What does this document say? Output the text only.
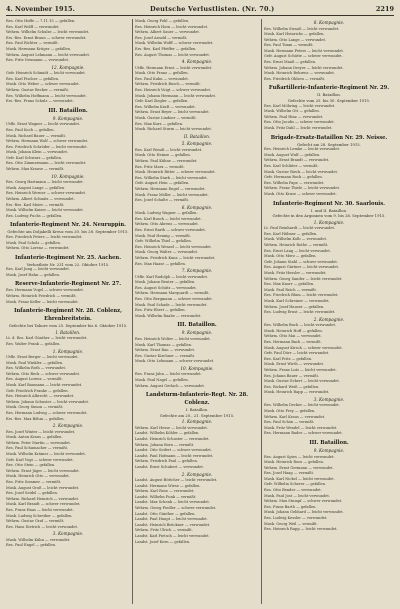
4. November 1915.	Deutsche Verlustlisten. (Nr. 70.)	2219
Res. Otto Hoffe — 7.11.15 — gefallen.
Res. Karl Wolff — verwundet.
Wehrm. Wilhelm Schulze — leicht verwundet.
Ers.-Res. Ernst Braun — schwer verwundet.
Res. Paul Richter — vermißt.
Musk. Hermann Krüger — gefallen.
Wehrm. August Lehmann — leicht verwundet.
Res. Fritz Neumann — verwundet.
12. Kompagnie.
Gefr. Heinrich Schmidt — leicht verwundet.
Res. Karl Fischer — gefallen.
Musk. Otto Weber — schwer verwundet.
Wehrm. Gustav Becker — vermißt.
Res. Wilhelm Hoffmann — leicht verwundet.
Ers.-Res. Franz Schulz — verwundet.
III. Bataillon.
9. Kompagnie.
Utffz. Ernst Wagner — leicht verwundet.
Res. Paul Koch — gefallen.
Musk. Richard Bauer — vermißt.
Wehrm. Hermann Wolf — schwer verwundet.
Res. Friedrich Schröder — leicht verwundet.
Musk. Johann Klein — verwundet.
Gefr. Karl Schwarz — gefallen.
Res. Otto Zimmermann — leicht verwundet.
Wehrm. Max Krause — vermißt.
10. Kompagnie.
Res. Georg Hartmann — leicht verwundet.
Musk. August Lange — gefallen.
Res. Heinrich Werner — schwer verwundet.
Wehrm. Albert Schmitz — verwundet.
Ers.-Res. Karl Meier — vermißt.
Musk. Wilhelm Kaiser — leicht verwundet.
Res. Ludwig Fuchs — gefallen.
Infanterie-Regiment Nr. 24. Neuruppin.
Gefechte am Doljakelli Kreuz vom 20. bis 28. September 1915.
Res. Friedrich Peters — leicht verwundet.
Musk. Paul Scholz — gefallen.
Wehrm. Otto Lorenz — verwundet.
Infanterie-Regiment Nr. 25. Aachen.
Verlustliste Nr. 231 vom 22. Oktober 1915.
Res. Karl Jung — leicht verwundet.
Musk. Josef Hahn — gefallen.
Reserve-Infanterie-Regiment Nr. 27.
Res. Hermann Vogel — schwer verwundet.
Wehrm. Heinrich Friedrich — vermißt.
Musk. Franz Keller — leicht verwundet.
Infanterie-Regiment Nr. 28. Coblenz, Ehrenbreitstein.
Gefechte bei Tahure vom 25. September bis 6. Oktober 1915.
I. Bataillon.
Lt. d. Res. Karl Günther — leicht verwundet.
Res. Walter Frank — gefallen.
1. Kompagnie.
Utffz. Ernst Berger — leicht verwundet.
Musk. Paul Winkler — gefallen.
Res. Wilhelm Roth — verwundet.
Wehrm. Otto Beck — schwer verwundet.
Res. August Lorenz — vermißt.
Musk. Karl Baumann — leicht verwundet.
Gefr. Friedrich Franke — gefallen.
Res. Heinrich Albrecht — verwundet.
Wehrm. Johann Schuster — leicht verwundet.
Musk. Georg Simon — vermißt.
Res. Hermann Ludwig — schwer verwundet.
Ers.-Res. Max Böhm — gefallen.
2. Kompagnie.
Res. Josef Winter — leicht verwundet.
Musk. Anton Kraus — gefallen.
Wehrm. Peter Martin — verwundet.
Res. Paul Schumacher — vermißt.
Musk. Wilhelm Krämer — leicht verwundet.
Gefr. Karl Vogt — schwer verwundet.
Res. Otto Stein — gefallen.
Wehrm. Ernst Jäger — leicht verwundet.
Musk. Heinrich Otto — verwundet.
Res. Fritz Sommer — vermißt.
Musk. August Groß — leicht verwundet.
Res. Josef Seidel — gefallen.
Wehrm. Richard Heinrich — verwundet.
Musk. Karl Brandt — schwer verwundet.
Res. Franz Haas — leicht verwundet.
Musk. Ludwig Schreiber — gefallen.
Wehrm. Gustav Graf — vermißt.
Res. Hans Dietrich — leicht verwundet.
3. Kompagnie.
Musk. Wilhelm Kühn — verwundet.
Res. Paul Engel — gefallen.
Musk. Georg Pohl — gefallen.
Res. Heinrich Horn — leicht verwundet.
Wehrm. Albert Sauer — verwundet.
Res. Josef Arnold — vermißt.
Musk. Wilhelm Wolff — schwer verwundet.
Ers.-Res. Karl Pfeiffer — gefallen.
Res. August Thomas — leicht verwundet.
4. Kompagnie.
Utffz. Hermann Ernst — leicht verwundet.
Musk. Otto Franz — gefallen.
Res. Paul Kuhn — verwundet.
Wehrm. Friedrich Busch — vermißt.
Res. Heinrich Voigt — schwer verwundet.
Musk. Johann Hermann — leicht verwundet.
Gefr. Karl Ziegler — gefallen.
Res. Wilhelm Kraft — verwundet.
Wehrm. Ernst Beyer — leicht verwundet.
Musk. Gustav Lindner — vermißt.
Res. Max Kurz — gefallen.
Musk. Richard Sturm — leicht verwundet.
II. Bataillon.
5. Kompagnie.
Res. Karl Wendt — leicht verwundet.
Musk. Otto Heinze — gefallen.
Wehrm. Paul Kühne — verwundet.
Res. Fritz Marx — vermißt.
Musk. Heinrich Ritter — schwer verwundet.
Res. Wilhelm Stark — leicht verwundet.
Gefr. August Hein — gefallen.
Wehrm. Hermann Engel — verwundet.
Musk. Franz Möller — leicht verwundet.
Res. Josef Schulte — vermißt.
6. Kompagnie.
Musk. Ludwig Wagner — gefallen.
Res. Karl Busch — leicht verwundet.
Wehrm. Otto Ahrens — verwundet.
Res. Ernst Barth — schwer verwundet.
Musk. Paul Hennig — vermißt.
Gefr. Wilhelm Thiel — gefallen.
Res. Heinrich Wenzel — leicht verwundet.
Musk. Georg Walter — verwundet.
Wehrm. Friedrich Kunz — leicht verwundet.
Res. Max Haase — gefallen.
7. Kompagnie.
Utffz. Karl Rudolph — leicht verwundet.
Musk. Johann Reuter — gefallen.
Res. August Schütz — verwundet.
Wehrm. Hermann Marquardt — vermißt.
Res. Otto Bergmann — schwer verwundet.
Musk. Paul Schade — leicht verwundet.
Res. Fritz Ebert — gefallen.
Musk. Wilhelm Raabe — verwundet.
III. Bataillon.
9. Kompagnie.
Res. Heinrich Wolter — leicht verwundet.
Musk. Karl Thomas — gefallen.
Wehrm. Ernst Rau — verwundet.
Res. Gustav Kirchner — vermißt.
Musk. Otto Lehmann — schwer verwundet.
10. Kompagnie.
Res. Franz Jahn — leicht verwundet.
Musk. Paul Nagel — gefallen.
Wehrm. August Gerlach — verwundet.
Landsturm-Infanterie-Regt. Nr. 28. Coblenz.
I. Bataillon.
Gefechte am 20., 21. September 1915.
1. Kompagnie.
Wehrm. Karl Hesse — leicht verwundet.
Landst. Wilhelm Köhler — gefallen.
Landst. Heinrich Schuster — verwundet.
Wehrm. Johann Born — vermißt.
Landst. Otto Seifert — schwer verwundet.
Landst. Paul Hofmann — leicht verwundet.
Wehrm. Friedrich Paul — gefallen.
Landst. Ernst Schubert — verwundet.
2. Kompagnie.
Landst. August Böttcher — leicht verwundet.
Landst. Hermann Wiese — gefallen.
Wehrm. Karl Rose — verwundet.
Landst. Wilhelm Funk — vermißt.
Landst. Max Schenk — leicht verwundet.
Wehrm. Georg Fiedler — schwer verwundet.
Landst. Otto Günther — gefallen.
Landst. Paul Haupt — leicht verwundet.
Landst. Heinrich Brückner — verwundet.
Wehrm. Fritz Ulrich — vermißt.
Landst. Karl Pietsch — leicht verwundet.
Landst. Josef Kern — gefallen.
8. Kompagnie.
Res. Wilhelm Strauß — leicht verwundet.
Musk. Karl Heinrichs — gefallen.
Wehrm. Otto Lange — verwundet.
Res. Paul Timm — vermißt.
Musk. Hermann Peters — leicht verwundet.
Gefr. August Schütte — schwer verwundet.
Res. Ernst Maaß — gefallen.
Wehrm. Johann Dreyer — leicht verwundet.
Musk. Heinrich Behrens — verwundet.
Res. Friedrich Ohlsen — vermißt.
Fußartillerie-Infanterie-Regiment Nr. 29.
II. Bataillon.
Gefechte vom 25. bis 30. September 1915.
Res. Karl Möhring — leicht verwundet.
Musk. Wilhelm Ott — gefallen.
Wehrm. Paul Hinz — verwundet.
Res. Otto Jacobs — schwer verwundet.
Musk. Fritz Dahl — leicht verwundet.
Brigade-Ersatz-Bataillon Nr. 29. Neisse.
Gefecht am 28. September 1915.
Res. Heinrich Lemke — leicht verwundet.
Musk. August Wulf — gefallen.
Wehrm. Ernst Brandt — verwundet.
Res. Karl Schlüter — vermißt.
Musk. Gustav Rieck — leicht verwundet.
Gefr. Hermann Bock — gefallen.
Res. Wilhelm Pape — verwundet.
Wehrm. Franz Thiele — leicht verwundet.
Musk. Otto Kruse — schwer verwundet.
Infanterie-Regiment Nr. 30. Saarlouis.
I. und II. Bataillon.
Gefechte in den Argonnen vom 9. bis 26. September 1915.
1. Kompagnie.
Lt. Paul Reinhardt — leicht verwundet.
Res. Karl Hübner — gefallen.
Musk. Wilhelm Kolb — verwundet.
Wehrm. Heinrich Rothe — vermißt.
Res. Ernst Lang — leicht verwundet.
Musk. Otto Merz — gefallen.
Gefr. Johann Stahl — schwer verwundet.
Res. August Gärtner — leicht verwundet.
Musk. Fritz Hessler — verwundet.
Wehrm. Georg Sander — leicht verwundet.
Res. Max Knorr — gefallen.
Musk. Paul Reich — vermißt.
Res. Friedrich Blum — leicht verwundet.
Musk. Karl Schreiner — verwundet.
Wehrm. Josef Hauser — gefallen.
Res. Ludwig Ernst — leicht verwundet.
2. Kompagnie.
Res. Wilhelm Buch — leicht verwundet.
Musk. Heinrich Hoff — gefallen.
Wehrm. Otto Mai — verwundet.
Res. Hermann Bach — vermißt.
Musk. August Kirsch — schwer verwundet.
Gefr. Paul Dörr — leicht verwundet.
Res. Karl Fritz — gefallen.
Musk. Ernst Wirth — verwundet.
Wehrm. Franz Lutz — leicht verwundet.
Res. Johann Bauer — vermißt.
Musk. Gustav Eckert — leicht verwundet.
Res. Richard Weiß — gefallen.
Musk. Heinrich Rapp — verwundet.
3. Kompagnie.
Res. Wilhelm Decker — leicht verwundet.
Musk. Otto Frey — gefallen.
Wehrm. Karl Kraus — verwundet.
Res. Paul Schön — vermißt.
Musk. Fritz Wendel — leicht verwundet.
Res. Hermann Bader — schwer verwundet.
III. Bataillon.
9. Kompagnie.
Res. August Spies — leicht verwundet.
Musk. Heinrich Roos — gefallen.
Wehrm. Ernst Germann — verwundet.
Res. Josef Haag — vermißt.
Musk. Karl Nickel — leicht verwundet.
Gefr. Wilhelm Scherer — gefallen.
Res. Otto Bender — verwundet.
Musk. Paul Jost — leicht verwundet.
Wehrm. Max Stumpf — schwer verwundet.
Res. Franz Barth — gefallen.
Musk. Johann Gebhard — leicht verwundet.
Res. Ludwig Kessler — verwundet.
Musk. Georg Weil — vermißt.
Res. Heinrich Rupp — leicht verwundet.
